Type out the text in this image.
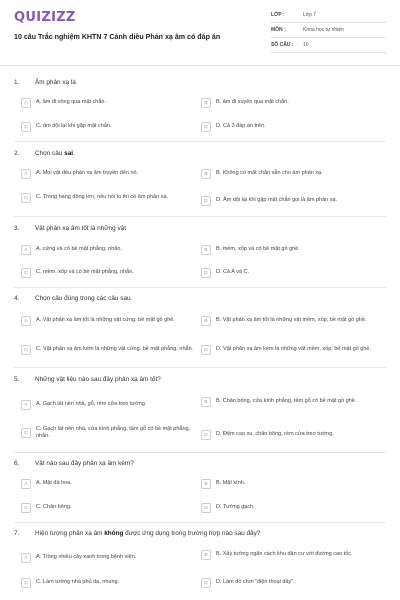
QUIZIZZ
10 câu Trắc nghiệm KHTN 7 Cánh diều Phản xạ âm có đáp án
LỚP :	Lớp 7
MÔN :	Khoa học tự nhiên
SỐ CÂU :	10
1. Âm phản xạ là
A	A. âm đi vòng qua mặt chắn.	B	B. âm đi xuyên qua mặt chắn.
C	C. âm dội lại khi gặp mặt chắn.	D	D. Cả 3 đáp án trên.
2. Chọn câu sai.
A	A. Mọi vật đều phản xạ âm truyền đến nó.	B	B. Không có mặt chắn vẫn cho âm phản xạ.
C	C. Trong hang động lớn, nếu nói to thì có âm phản xạ.
D	D. Âm dội lại khi gặp mặt chắn gọi là âm phản xạ.
3. Vật phản xạ âm tốt là những vật
A	A. cứng và có bề mặt phẳng, nhẵn.	B	B. mềm, xốp và có bề mặt gồ ghề.
C	C. mềm, xốp và có bề mặt phẳng, nhẵn.	D	D. Cả A và C.
4. Chọn câu đúng trong các câu sau.
A	A. Vật phản xạ âm tốt là những vật cứng, bề mặt gồ ghề.	B	B. Vật phản xạ âm tốt là những vật mềm, xốp, bề mặt gồ ghề.
C	C. Vật phản xạ âm kém là những vật cứng, bề mặt phẳng, nhẵn.	D	D. Vật phản xạ âm kém là những vật mềm, xốp, bề mặt gồ ghề.
5. Những vật liệu nào sau đây phản xạ âm tốt?
A	A. Gạch lát nền nhà, gỗ, rèm cửa treo tường.	B	B. Chăn bông, cửa kính phẳng, tấm gỗ có bề mặt gồ ghề.
C
C. Gạch lát nền nhà, cửa kính phẳng, tấm gỗ có bề mặt phẳng, nhẵn.	D	D. Đệm cao su, chăn bông, rèm cửa treo tường.
6. Vật nào sau đây phản xạ âm kém?
A	A. Mặt đá hoa.	B	B. Mặt kính.
C	C. Chăn bông.	D	D. Tường gạch.
7. Hiện tượng phản xạ âm không được ứng dụng trong trường hợp nào sau đây?
A	A. Trồng nhiều cây xanh trong bệnh viện.	B	B. Xây tường ngăn cách khu dân cư với đường cao tốc.
C	C. Làm tường nhà phủ dạ, nhung.	D	D. Làm đồ chơi "điện thoại dây".
